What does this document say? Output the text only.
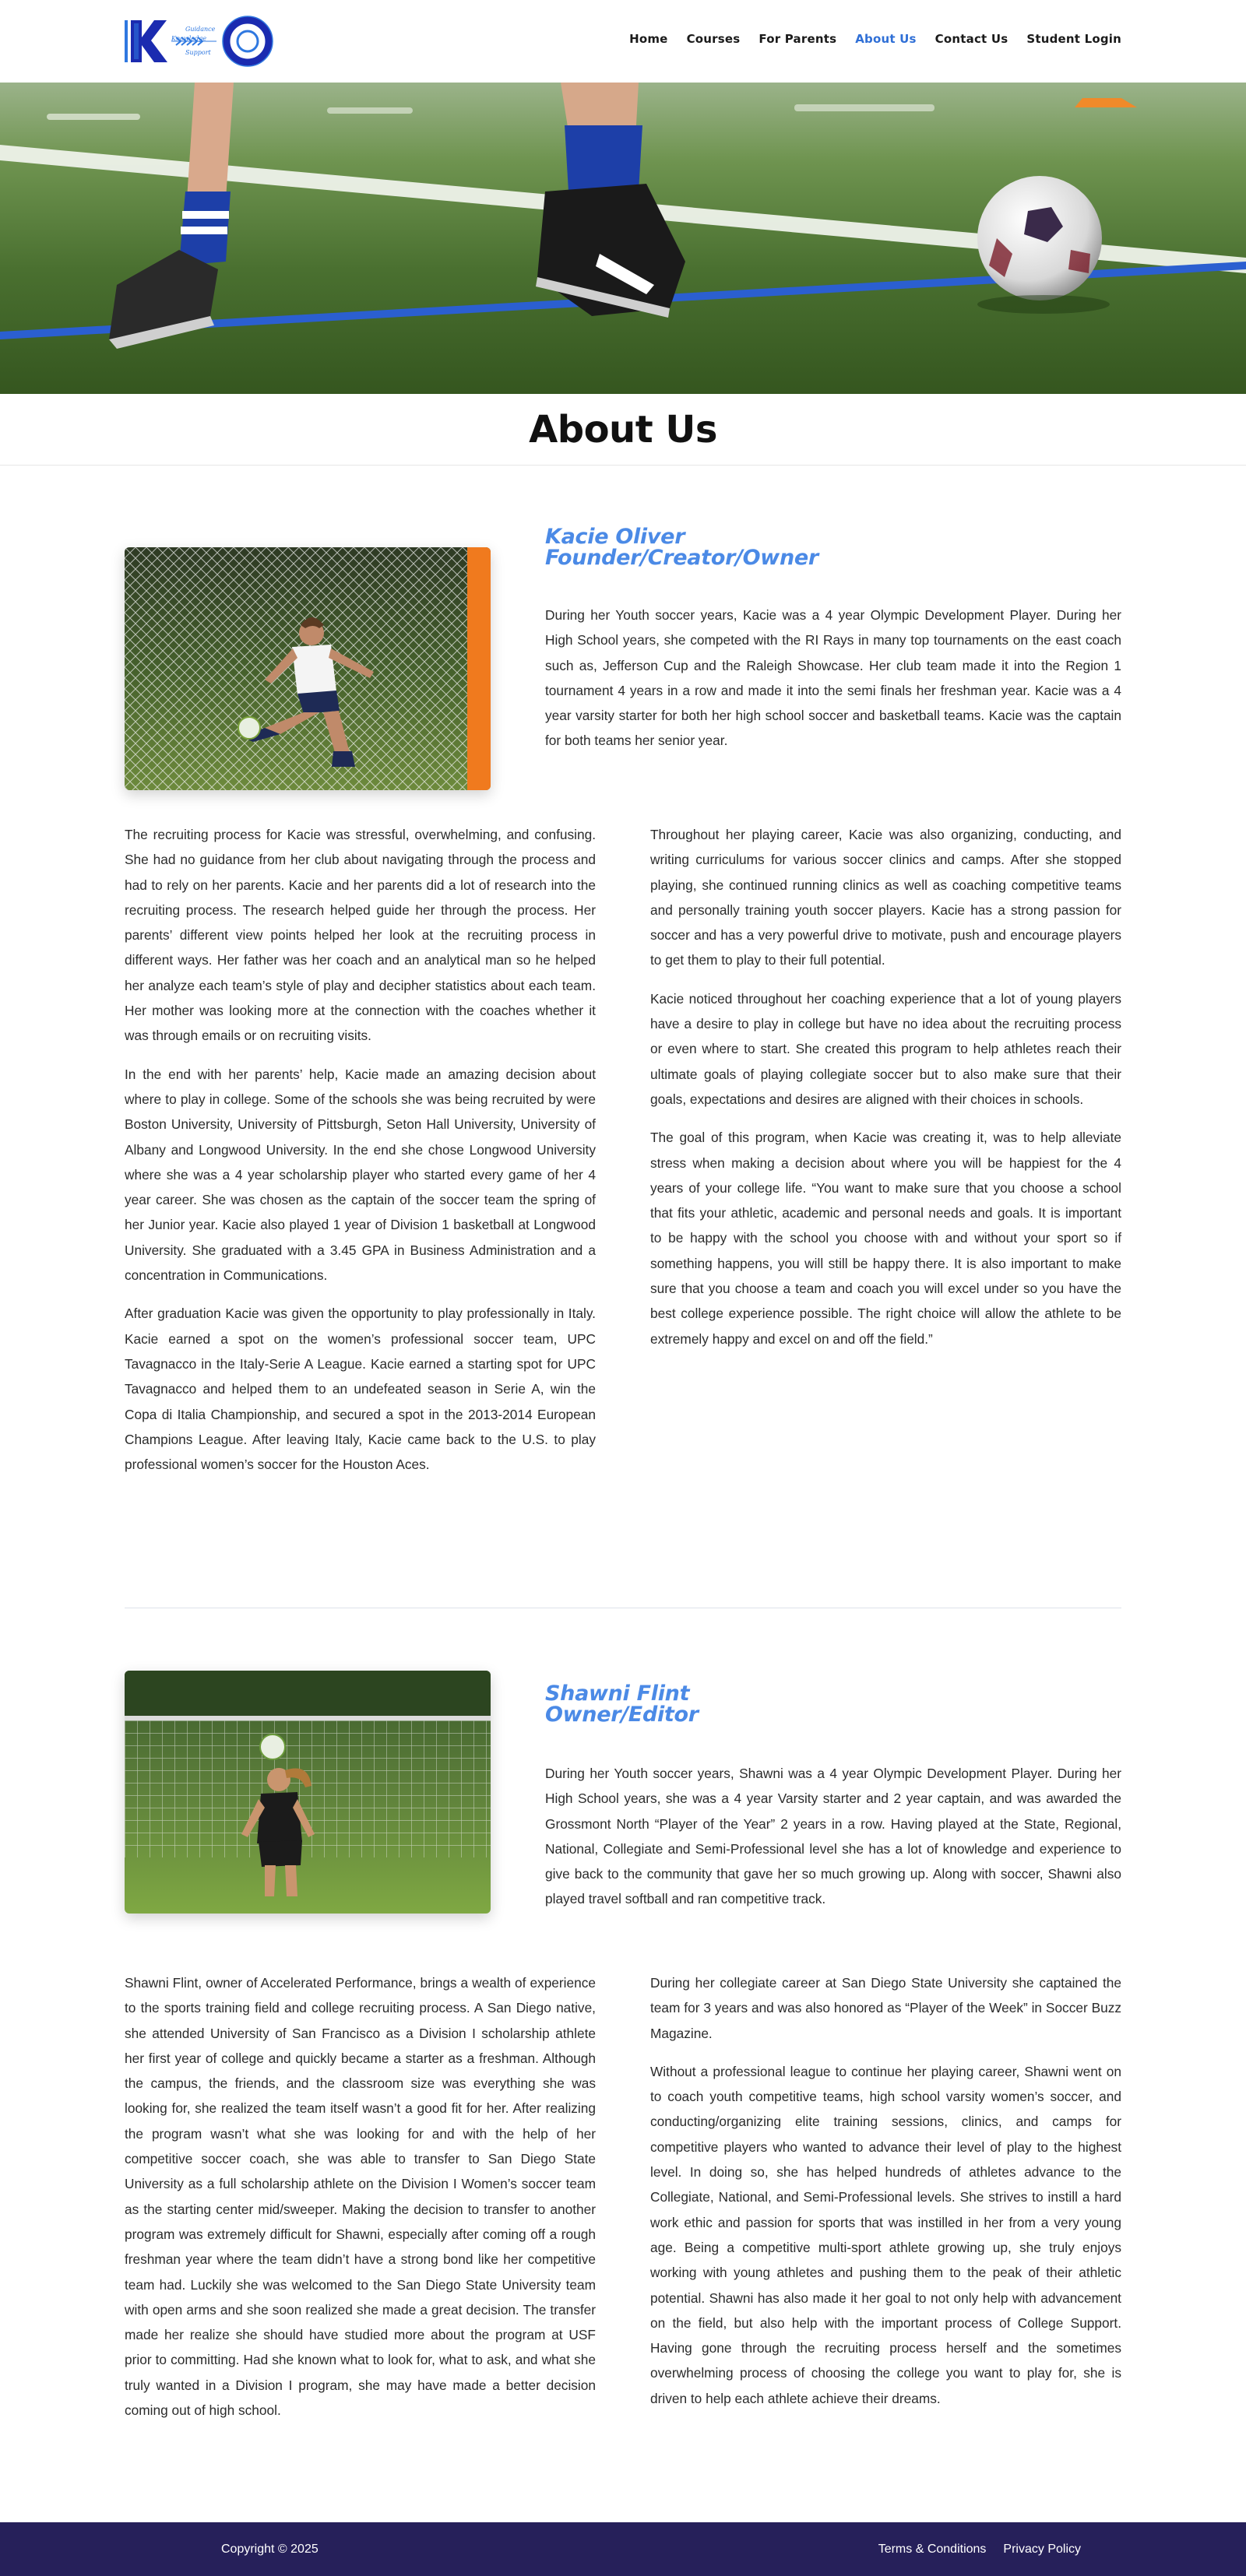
Guidance
Knowledge
Support
Home Courses For Parents About Us Contact Us Student Login
About Us
Kacie Oliver
Founder/Creator/Owner

During her Youth soccer years, Kacie was a 4 year Olympic Development Player. During her High School years, she competed with the RI Rays in many top tournaments on the east coach such as, Jefferson Cup and the Raleigh Showcase. Her club team made it into the Region 1 tournament 4 years in a row and made it into the semi finals her freshman year. Kacie was a 4 year varsity starter for both her high school soccer and basketball teams. Kacie was the captain for both teams her senior year.

The recruiting process for Kacie was stressful, overwhelming, and confusing. She had no guidance from her club about navigating through the process and had to rely on her parents. Kacie and her parents did a lot of research into the recruiting process. The research helped guide her through the process. Her parents’ different view points helped her look at the recruiting process in different ways. Her father was her coach and an analytical man so he helped her analyze each team’s style of play and decipher statistics about each team. Her mother was looking more at the connection with the coaches whether it was through emails or on recruiting visits.

In the end with her parents’ help, Kacie made an amazing decision about where to play in college. Some of the schools she was being recruited by were Boston University, University of Pittsburgh, Seton Hall University, University of Albany and Longwood University. In the end she chose Longwood University where she was a 4 year scholarship player who started every game of her 4 year career. She was chosen as the captain of the soccer team the spring of her Junior year. Kacie also played 1 year of Division 1 basketball at Longwood University. She graduated with a 3.45 GPA in Business Administration and a concentration in Communications.

After graduation Kacie was given the opportunity to play professionally in Italy. Kacie earned a spot on the women’s professional soccer team, UPC Tavagnacco in the Italy-Serie A League. Kacie earned a starting spot for UPC Tavagnacco and helped them to an undefeated season in Serie A, win the Copa di Italia Championship, and secured a spot in the 2013-2014 European Champions League. After leaving Italy, Kacie came back to the U.S. to play professional women’s soccer for the Houston Aces.

Throughout her playing career, Kacie was also organizing, conducting, and writing curriculums for various soccer clinics and camps. After she stopped playing, she continued running clinics as well as coaching competitive teams and personally training youth soccer players. Kacie has a strong passion for soccer and has a very powerful drive to motivate, push and encourage players to get them to play to their full potential.

Kacie noticed throughout her coaching experience that a lot of young players have a desire to play in college but have no idea about the recruiting process or even where to start. She created this program to help athletes reach their ultimate goals of playing collegiate soccer but to also make sure that their goals, expectations and desires are aligned with their choices in schools.

The goal of this program, when Kacie was creating it, was to help alleviate stress when making a decision about where you will be happiest for the 4 years of your college life. “You want to make sure that you choose a school that fits your athletic, academic and personal needs and goals. It is important to be happy with the school you choose with and without your sport so if something happens, you will still be happy there. It is also important to make sure that you choose a team and coach you will excel under so you have the best college experience possible. The right choice will allow the athlete to be extremely happy and excel on and off the field.”

Shawni Flint
Owner/Editor

During her Youth soccer years, Shawni was a 4 year Olympic Development Player. During her High School years, she was a 4 year Varsity starter and 2 year captain, and was awarded the Grossmont North “Player of the Year” 2 years in a row. Having played at the State, Regional, National, Collegiate and Semi-Professional level she has a lot of knowledge and experience to give back to the community that gave her so much growing up. Along with soccer, Shawni also played travel softball and ran competitive track.

Shawni Flint, owner of Accelerated Performance, brings a wealth of experience to the sports training field and college recruiting process. A San Diego native, she attended University of San Francisco as a Division I scholarship athlete her first year of college and quickly became a starter as a freshman. Although the campus, the friends, and the classroom size was everything she was looking for, she realized the team itself wasn’t a good fit for her. After realizing the program wasn’t what she was looking for and with the help of her competitive soccer coach, she was able to transfer to San Diego State University as a full scholarship athlete on the Division I Women’s soccer team as the starting center mid/sweeper. Making the decision to transfer to another program was extremely difficult for Shawni, especially after coming off a rough freshman year where the team didn’t have a strong bond like her competitive team had. Luckily she was welcomed to the San Diego State University team with open arms and she soon realized she made a great decision. The transfer made her realize she should have studied more about the program at USF prior to committing. Had she known what to look for, what to ask, and what she truly wanted in a Division I program, she may have made a better decision coming out of high school.

During her collegiate career at San Diego State University she captained the team for 3 years and was also honored as “Player of the Week” in Soccer Buzz Magazine.

Without a professional league to continue her playing career, Shawni went on to coach youth competitive teams, high school varsity women’s soccer, and conducting/organizing elite training sessions, clinics, and camps for competitive players who wanted to advance their level of play to the highest level. In doing so, she has helped hundreds of athletes advance to the Collegiate, National, and Semi-Professional levels. She strives to instill a hard work ethic and passion for sports that was instilled in her from a very young age. Being a competitive multi-sport athlete growing up, she truly enjoys working with young athletes and pushing them to the peak of their athletic potential. Shawni has also made it her goal to not only help with advancement on the field, but also help with the important process of College Support. Having gone through the recruiting process herself and the sometimes overwhelming process of choosing the college you want to play for, she is driven to help each athlete achieve their dreams.

Copyright © 2025	Terms & Conditions Privacy Policy
